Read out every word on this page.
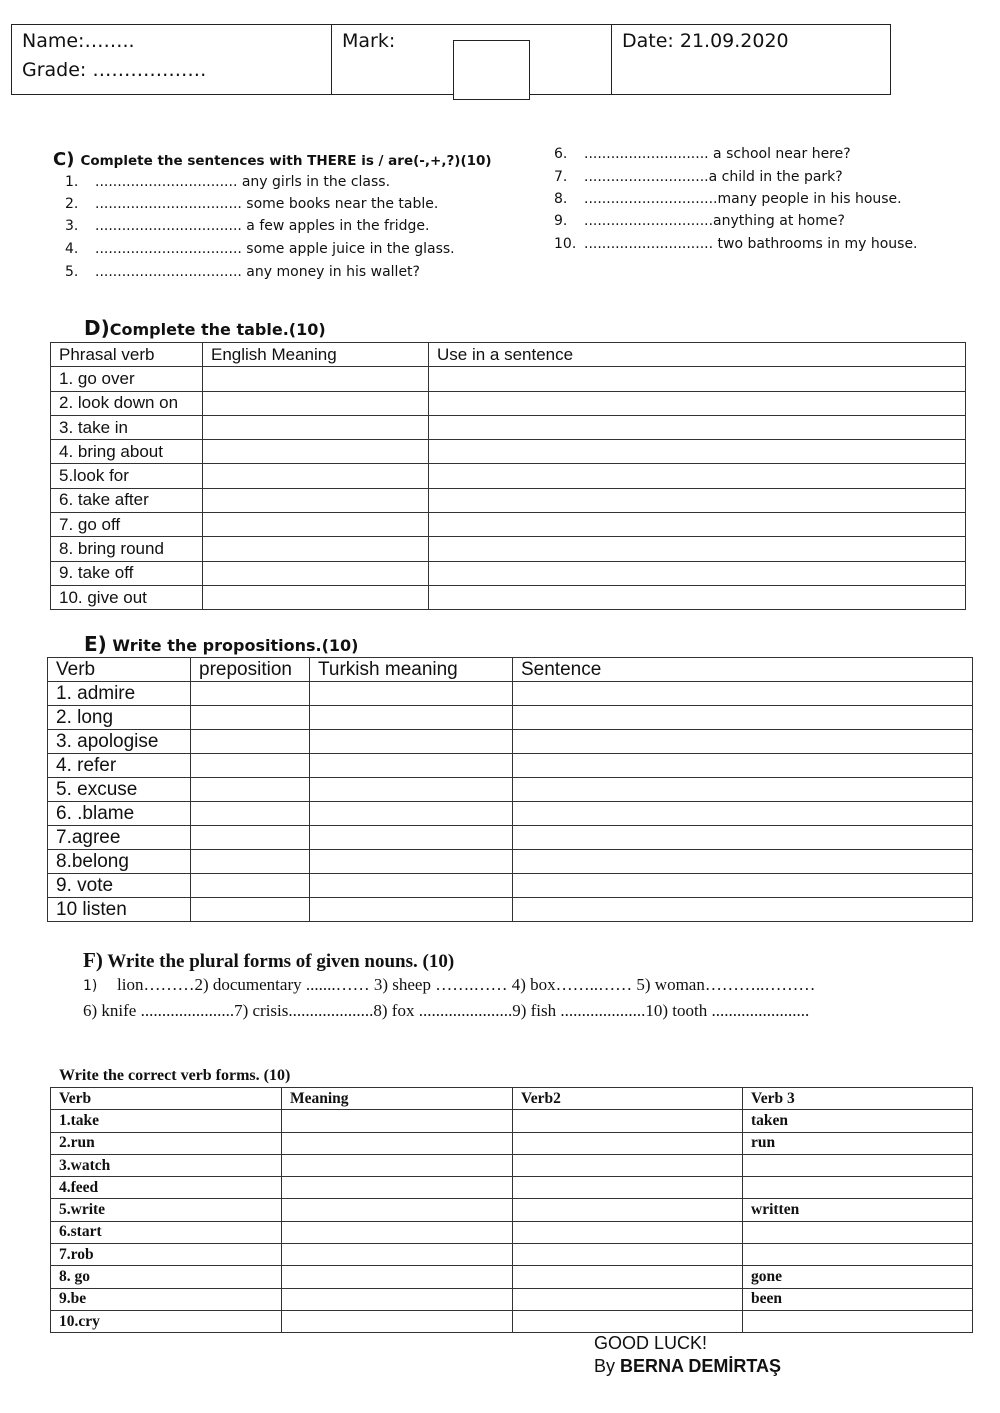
Name:……..
Grade: ………………
Mark:	Date: 21.09.2020
C) Complete the sentences with THERE is / are(-,+,?)(10)
1. ................................ any girls in the class.
2. ................................. some books near the table.
3. ................................. a few apples in the fridge.
4. ................................. some apple juice in the glass.
5. ................................. any money in his wallet?
6. ............................ a school near here?
7. ............................a child in the park?
8. ..............................many people in his house.
9. .............................anything at home?
10. ............................. two bathrooms in my house.
D)Complete the table.(10)
Phrasal verb	English Meaning	Use in a sentence
1. go over		
2. look down on		
3. take in		
4. bring about		
5.look for		
6. take after		
7. go off		
8. bring round		
9. take off		
10. give out		
E) Write the propositions.(10)
Verb	preposition	Turkish meaning	Sentence
1. admire			
2. long			
3. apologise			
4. refer			
5. excuse			
6. .blame			
7.agree			
8.belong			
9. vote			
10 listen			
F) Write the plural forms of given nouns. (10)
1) lion………2) documentary .......…… 3) sheep …….…… 4) box……..…… 5) woman………..………
6) knife ......................7) crisis....................8) fox ......................9) fish ....................10) tooth .......................
Write the correct verb forms. (10)
Verb	Meaning	Verb2	Verb 3
1.take			taken
2.run			run
3.watch			
4.feed			
5.write			written
6.start			
7.rob			
8. go			gone
9.be			been
10.cry			
GOOD LUCK!
By BERNA DEMİRTAŞ
